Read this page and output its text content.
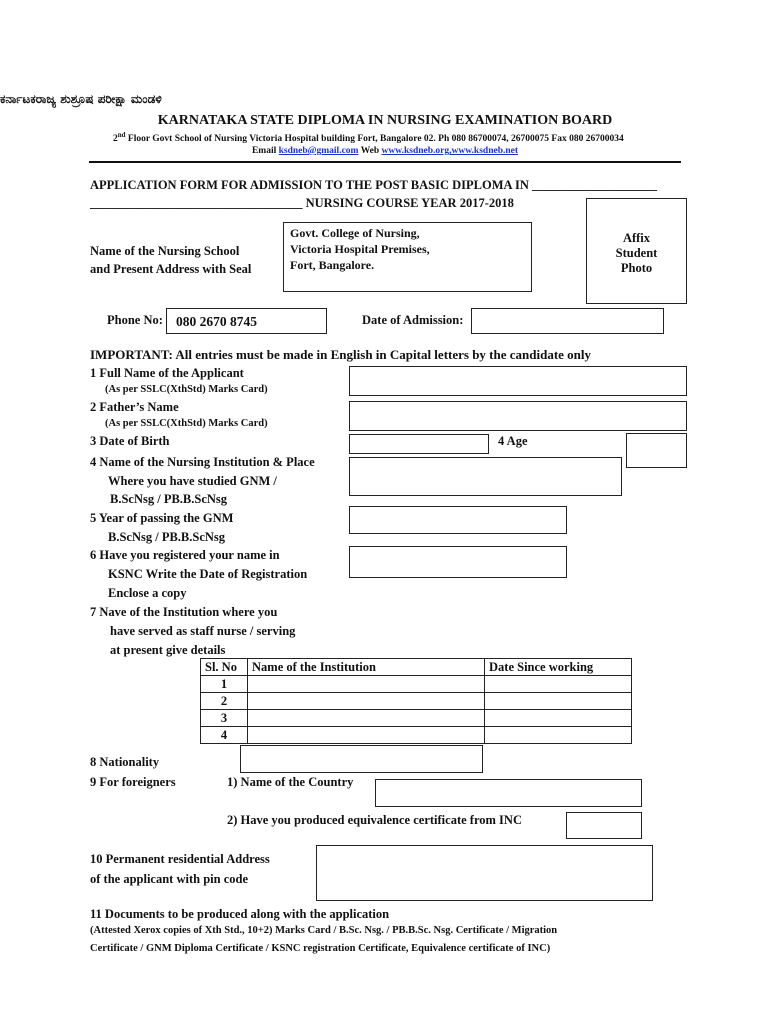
ಕರ್ನಾಟಕರಾಜ್ಯ ಶುಶ್ರೂಷ ಪರೀಕ್ಷಾ ಮಂಡಳಿ
KARNATAKA STATE DIPLOMA IN NURSING EXAMINATION BOARD
2nd Floor Govt School of Nursing Victoria Hospital building Fort, Bangalore 02. Ph 080 86700074, 26700075 Fax 080 26700034
Email ksdneb@gmail.com Web www.ksdneb.org,www.ksdneb.net
APPLICATION FORM FOR ADMISSION TO THE POST BASIC DIPLOMA IN ____________________
__________________________________ NURSING COURSE YEAR 2017-2018
Name of the Nursing School
and Present Address with Seal
Govt. College of Nursing,
Victoria Hospital Premises,
Fort, Bangalore.
Affix
Student
Photo
Phone No: 080 2670 8745	Date of Admission:
IMPORTANT: All entries must be made in English in Capital letters by the candidate only
1 Full Name of the Applicant
(As per SSLC(XthStd) Marks Card)
2 Father’s Name
(As per SSLC(XthStd) Marks Card)
3 Date of Birth	4 Age
4 Name of the Nursing Institution & Place
Where you have studied GNM /
B.ScNsg / PB.B.ScNsg
5 Year of passing the GNM
B.ScNsg / PB.B.ScNsg
6 Have you registered your name in
KSNC Write the Date of Registration
Enclose a copy
7 Nave of the Institution where you
have served as staff nurse / serving
at present give details
Sl. No	Name of the Institution	Date Since working
1		
2		
3		
4		
8 Nationality
9 For foreigners	1) Name of the Country
2) Have you produced equivalence certificate from INC
10 Permanent residential Address
of the applicant with pin code
11 Documents to be produced along with the application
(Attested Xerox copies of Xth Std., 10+2) Marks Card / B.Sc. Nsg. / PB.B.Sc. Nsg. Certificate / Migration
Certificate / GNM Diploma Certificate / KSNC registration Certificate, Equivalence certificate of INC)
